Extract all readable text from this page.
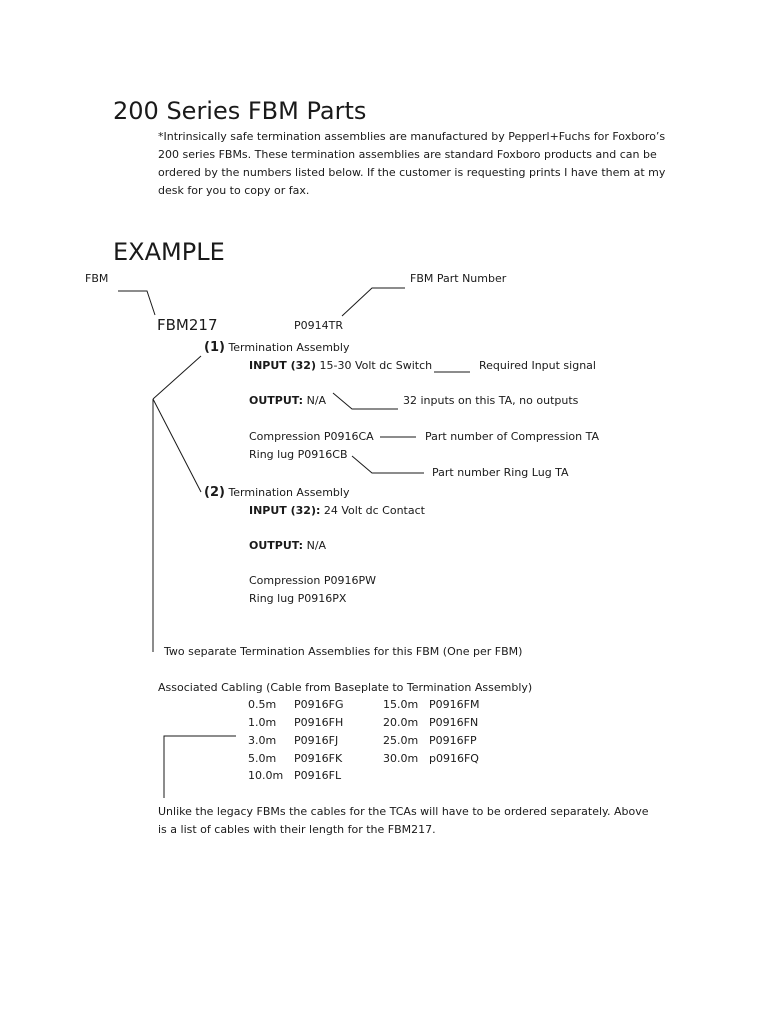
200 Series FBM Parts

*Intrinsically safe termination assemblies are manufactured by Pepperl+Fuchs for Foxboro’s 200 series FBMs. These termination assemblies are standard Foxboro products and can be ordered by the numbers listed below. If the customer is requesting prints I have them at my desk for you to copy or fax.

EXAMPLE
FBM	FBM Part Number
FBM217	P0914TR
(1) Termination Assembly
INPUT (32) 15-30 Volt dc Switch	Required Input signal
OUTPUT: N/A	32 inputs on this TA, no outputs
Compression P0916CA	Part number of Compression TA
Ring lug P0916CB
Part number Ring Lug TA
(2) Termination Assembly
INPUT (32): 24 Volt dc Contact
OUTPUT: N/A
Compression P0916PW
Ring lug P0916PX
Two separate Termination Assemblies for this FBM (One per FBM)
Associated Cabling (Cable from Baseplate to Termination Assembly)
0.5m P0916FG	15.0m P0916FM
1.0m P0916FH	20.0m P0916FN
3.0m P0916FJ	25.0m P0916FP
5.0m P0916FK	30.0m p0916FQ
10.0m P0916FL

Unlike the legacy FBMs the cables for the TCAs will have to be ordered separately. Above is a list of cables with their length for the FBM217.
